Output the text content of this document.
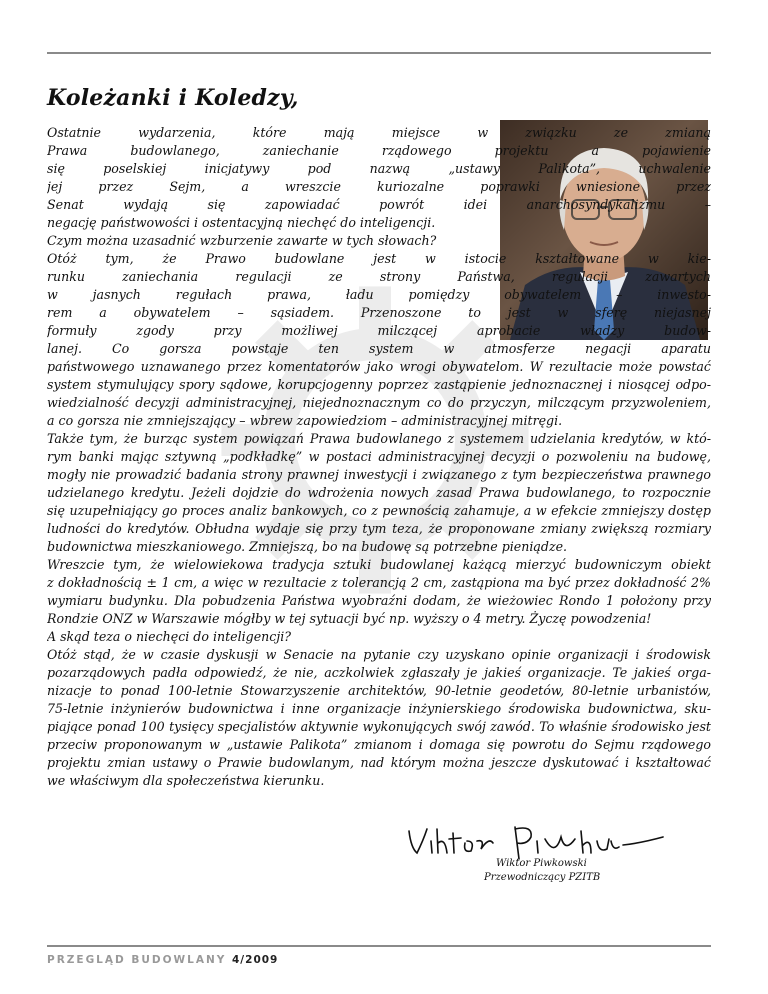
Koleżanki i Koledzy,
Ostatnie wydarzenia, które mają miejsce w związku ze zmianą
Prawa budowlanego, zaniechanie rządowego projektu a pojawienie
się poselskiej inicjatywy pod nazwą „ustawy Palikota”, uchwalenie
jej przez Sejm, a wreszcie kuriozalne poprawki wniesione przez
Senat wydają się zapowiadać powrót idei anarchosyndykalizmu –
negację państwowości i ostentacyjną niechęć do inteligencji.
Czym można uzasadnić wzburzenie zawarte w tych słowach?
Otóż tym, że Prawo budowlane jest w istocie kształtowane w kie-
runku zaniechania regulacji ze strony Państwa, regulacji zawartych
w jasnych regułach prawa, ładu pomiędzy obywatelem – inwesto-
rem a obywatelem – sąsiadem. Przenoszone to jest w sferę niejasnej
formuły zgody przy możliwej milczącej aprobacie władzy budow-
lanej. Co gorsza powstaje ten system w atmosferze negacji aparatu
państwowego uznawanego przez komentatorów jako wrogi obywatelom. W rezultacie może powstać
system stymulujący spory sądowe, korupcjogenny poprzez zastąpienie jednoznacznej i niosącej odpo-
wiedzialność decyzji administracyjnej, niejednoznacznym co do przyczyn, milczącym przyzwoleniem,
a co gorsza nie zmniejszający – wbrew zapowiedziom – administracyjnej mitręgi.
Także tym, że burząc system powiązań Prawa budowlanego z systemem udzielania kredytów, w któ-
rym banki mając sztywną „podkładkę” w postaci administracyjnej decyzji o pozwoleniu na budowę,
mogły nie prowadzić badania strony prawnej inwestycji i związanego z tym bezpieczeństwa prawnego
udzielanego kredytu. Jeżeli dojdzie do wdrożenia nowych zasad Prawa budowlanego, to rozpocznie
się uzupełniający go proces analiz bankowych, co z pewnością zahamuje, a w efekcie zmniejszy dostęp
ludności do kredytów. Obłudna wydaje się przy tym teza, że proponowane zmiany zwiększą rozmiary
budownictwa mieszkaniowego. Zmniejszą, bo na budowę są potrzebne pieniądze.
Wreszcie tym, że wielowiekowa tradycja sztuki budowlanej każącą mierzyć budowniczym obiekt
z dokładnością ± 1 cm, a więc w rezultacie z tolerancją 2 cm, zastąpiona ma być przez dokładność 2%
wymiaru budynku. Dla pobudzenia Państwa wyobraźni dodam, że wieżowiec Rondo 1 położony przy
Rondzie ONZ w Warszawie mógłby w tej sytuacji być np. wyższy o 4 metry. Życzę powodzenia!
A skąd teza o niechęci do inteligencji?
Otóż stąd, że w czasie dyskusji w Senacie na pytanie czy uzyskano opinie organizacji i środowisk
pozarządowych padła odpowiedź, że nie, aczkolwiek zgłaszały je jakieś organizacje. Te jakieś orga-
nizacje to ponad 100-letnie Stowarzyszenie architektów, 90-letnie geodetów, 80-letnie urbanistów,
75-letnie inżynierów budownictwa i inne organizacje inżynierskiego środowiska budownictwa, sku-
piające ponad 100 tysięcy specjalistów aktywnie wykonujących swój zawód. To właśnie środowisko jest
przeciw proponowanym w „ustawie Palikota” zmianom i domaga się powrotu do Sejmu rządowego
projektu zmian ustawy o Prawie budowlanym, nad którym można jeszcze dyskutować i kształtować
we właściwym dla społeczeństwa kierunku.
Wiktor Piwkowski
Przewodniczący PZITB
PRZEGLĄD BUDOWLANY 4/2009
